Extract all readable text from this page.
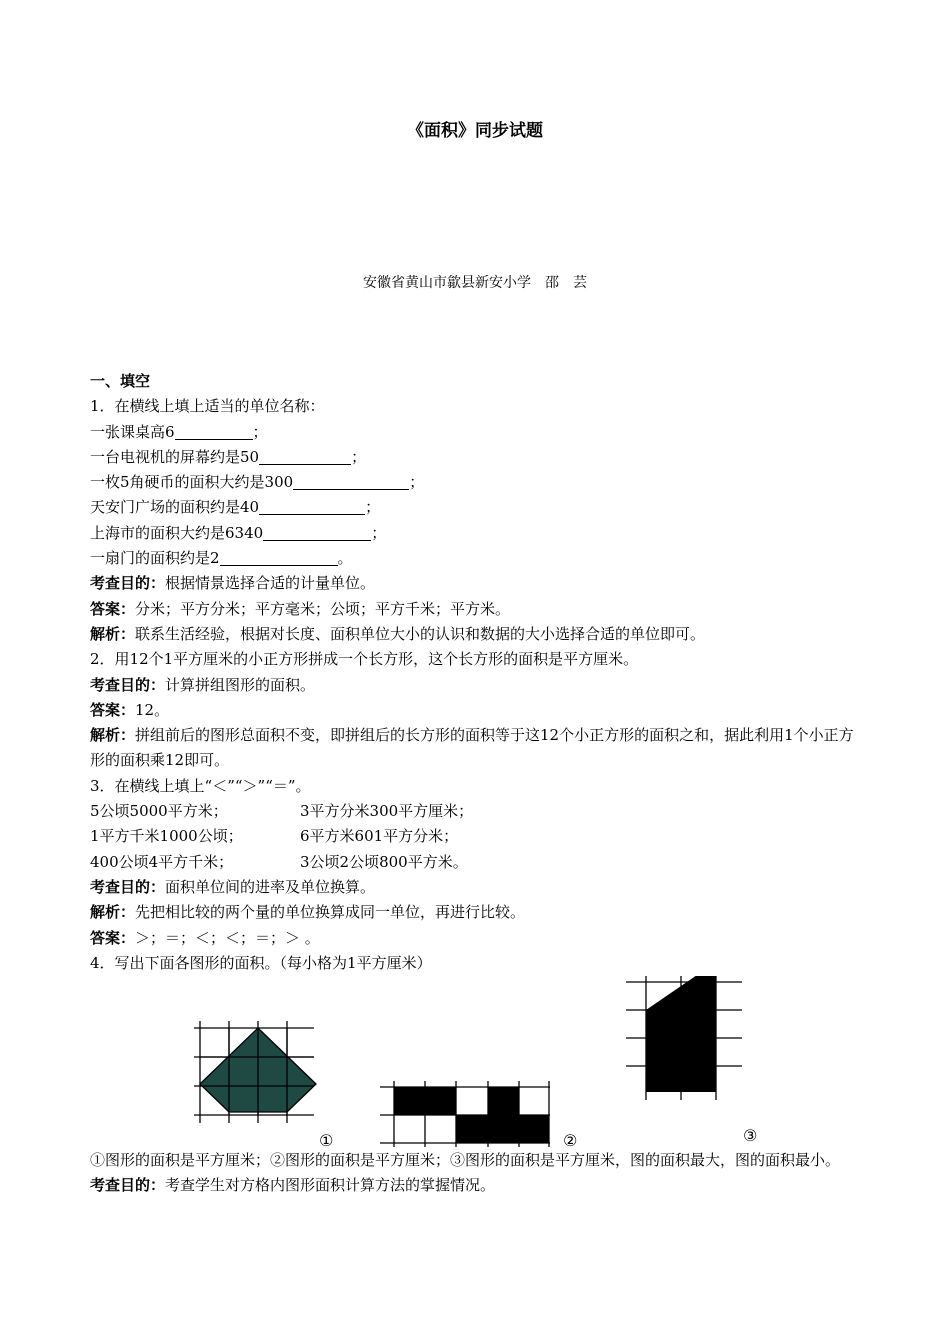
《面积》同步试题
安徽省黄山市歙县新安小学　邵　芸
一、填空
1．在横线上填上适当的单位名称：
一张课桌高6	；
一台电视机的屏幕约是50	；
一枚5角硬币的面积大约是300	；
天安门广场的面积约是40	；
上海市的面积大约是6340	；
一扇门的面积约是2	。
考查目的：根据情景选择合适的计量单位。
答案：分米；平方分米；平方毫米；公顷；平方千米；平方米。
解析：联系生活经验，根据对长度、面积单位大小的认识和数据的大小选择合适的单位即可。
2．用12个1平方厘米的小正方形拼成一个长方形，这个长方形的面积是平方厘米。
考查目的：计算拼组图形的面积。
答案：12。
解析：拼组前后的图形总面积不变，即拼组后的长方形的面积等于这12个小正方形的面积之和，据此利用1个小正方形的面积乘12即可。
3．在横线上填上“＜”“＞”“＝”。
5公顷5000平方米；	3平方分米300平方厘米；
1平方千米1000公顷；	6平方米601平方分米；
400公顷4平方千米；	3公顷2公顷800平方米。
考查目的：面积单位间的进率及单位换算。
解析：先把相比较的两个量的单位换算成同一单位，再进行比较。
答案：＞；＝；＜；＜；＝；＞ 。
4．写出下面各图形的面积。（每小格为1平方厘米）
①	②	③
①图形的面积是平方厘米；②图形的面积是平方厘米；③图形的面积是平方厘米，图的面积最大，图的面积最小。
考查目的：考查学生对方格内图形面积计算方法的掌握情况。
